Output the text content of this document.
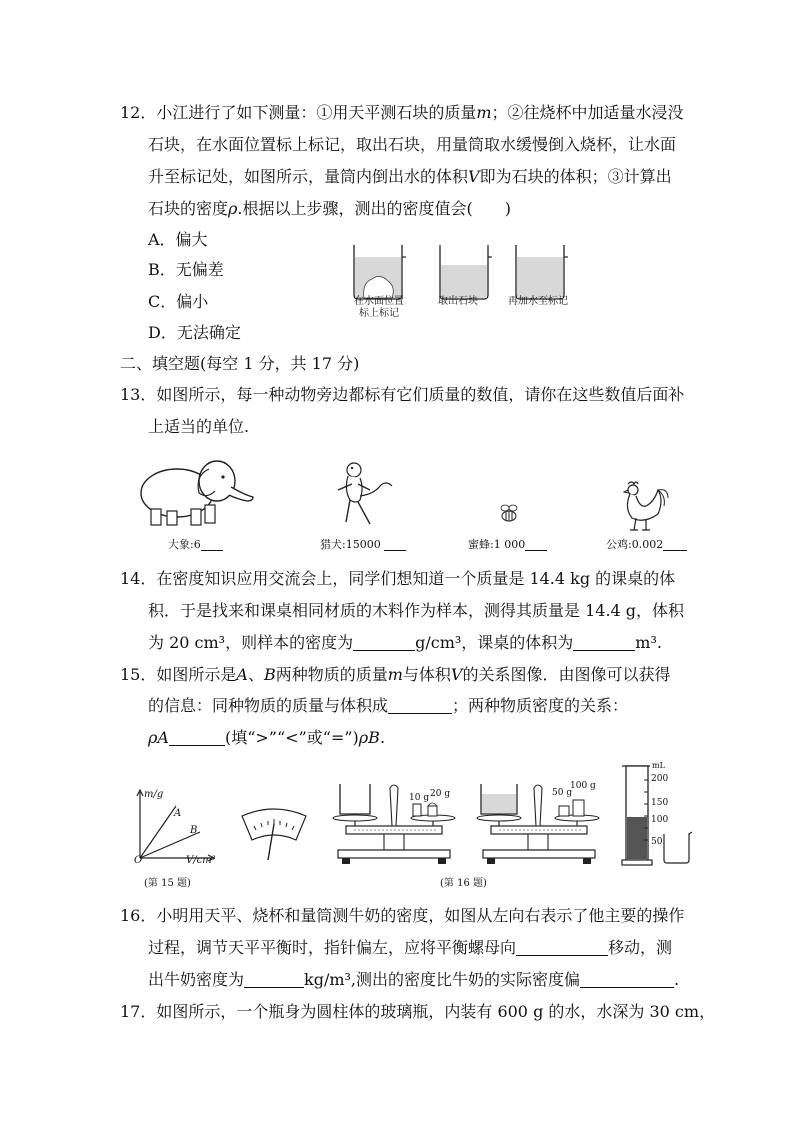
12．小江进行了如下测量：①用天平测石块的质量m；②往烧杯中加适量水浸没
石块，在水面位置标上标记，取出石块，用量筒取水缓慢倒入烧杯，让水面
升至标记处，如图所示，量筒内倒出水的体积V即为石块的体积；③计算出
石块的密度ρ.根据以上步骤，测出的密度值会(　　)
A．偏大
B．无偏差
C．偏小
D．无法确定
在水面位置
标上标记
取出石块	再加水至标记
二、填空题(每空 1 分，共 17 分)
13．如图所示，每一种动物旁边都标有它们质量的数值，请你在这些数值后面补
上适当的单位.
大象:6	猎犬:15000	蜜蜂:1 000	公鸡:0.002
14．在密度知识应用交流会上，同学们想知道一个质量是 14.4 kg 的课桌的体
积．于是找来和课桌相同材质的木料作为样本，测得其质量是 14.4 g，体积
为 20 cm³，则样本的密度为	g/cm³，课桌的体积为	m³.
15．如图所示是A、B两种物质的质量m与体积V的关系图像．由图像可以获得
的信息：同种物质的质量与体积成	；两种物质密度的关系：
ρA	(填“>”“<”或“=”)ρB.
m/g
V/cm³
O
A
B
(第 15 题)
10 g 20 g	50 g
100 g
(第 16 题)
mL
200
150
100
50
16．小明用天平、烧杯和量筒测牛奶的密度，如图从左向右表示了他主要的操作
过程，调节天平平衡时，指针偏左，应将平衡螺母向	移动，测
出牛奶密度为	kg/m³,测出的密度比牛奶的实际密度偏	.
17．如图所示，一个瓶身为圆柱体的玻璃瓶，内装有 600 g 的水，水深为 30 cm，
